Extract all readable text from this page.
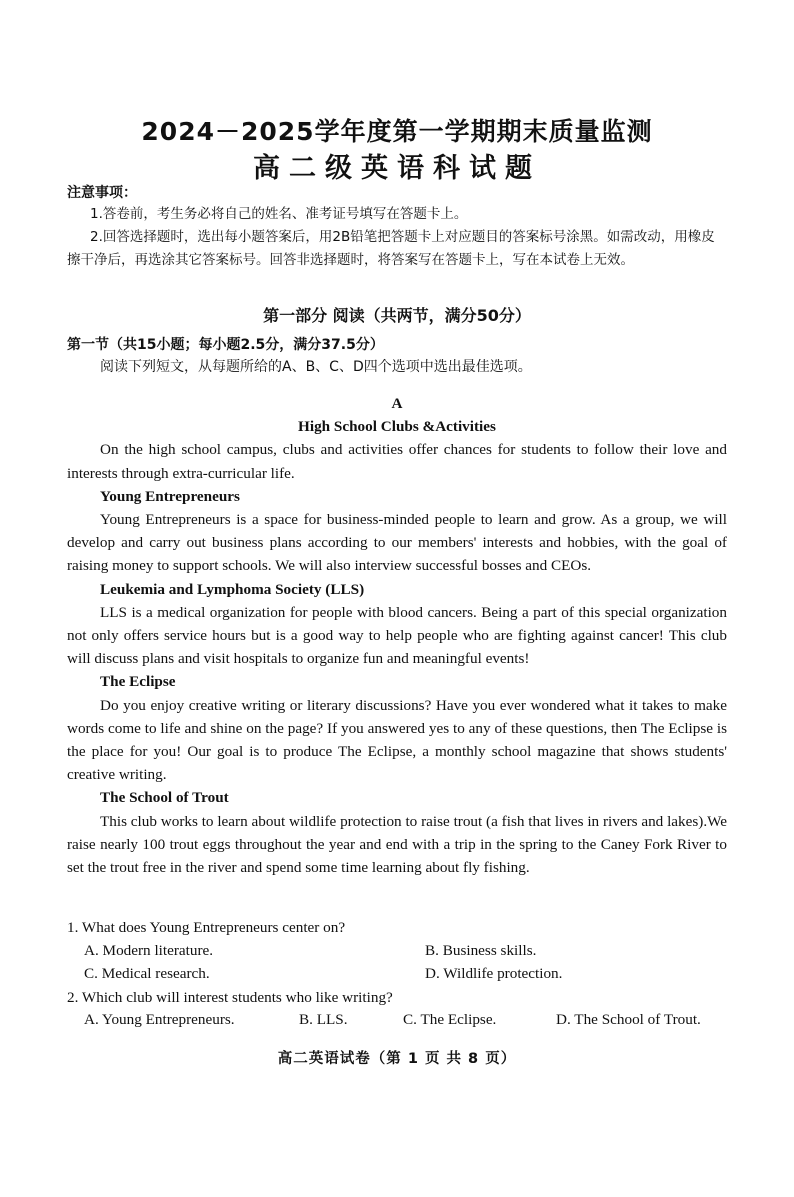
2024－2025学年度第一学期期末质量监测
高二级英语科试题
注意事项：

1.答卷前，考生务必将自己的姓名、准考证号填写在答题卡上。

2.回答选择题时，选出每小题答案后，用2B铅笔把答题卡上对应题目的答案标号涂黑。如需改动，用橡皮擦干净后，再选涂其它答案标号。回答非选择题时，将答案写在答题卡上，写在本试卷上无效。

第一部分 阅读（共两节，满分50分）
第一节（共15小题；每小题2.5分，满分37.5分）
阅读下列短文，从每题所给的A、B、C、D四个选项中选出最佳选项。

A

High School Clubs &Activities

On the high school campus, clubs and activities offer chances for students to follow their love and interests through extra-curricular life.

Young Entrepreneurs

Young Entrepreneurs is a space for business-minded people to learn and grow. As a group, we will develop and carry out business plans according to our members' interests and hobbies, with the goal of raising money to support schools. We will also interview successful bosses and CEOs.

Leukemia and Lymphoma Society (LLS)

LLS is a medical organization for people with blood cancers. Being a part of this special organization not only offers service hours but is a good way to help people who are fighting against cancer! This club will discuss plans and visit hospitals to organize fun and meaningful events!

The Eclipse

Do you enjoy creative writing or literary discussions? Have you ever wondered what it takes to make words come to life and shine on the page? If you answered yes to any of these questions, then The Eclipse is the place for you! Our goal is to produce The Eclipse, a monthly school magazine that shows students' creative writing.

The School of Trout

This club works to learn about wildlife protection to raise trout (a fish that lives in rivers and lakes).We raise nearly 100 trout eggs throughout the year and end with a trip in the spring to the Caney Fork River to set the trout free in the river and spend some time learning about fly fishing.

1. What does Young Entrepreneurs center on?
A. Modern literature.	B. Business skills.
C. Medical research.	D. Wildlife protection.
2. Which club will interest students who like writing?
A. Young Entrepreneurs.	B. LLS.	C. The Eclipse.	D. The School of Trout.
高二英语试卷（第 1 页 共 8 页）
